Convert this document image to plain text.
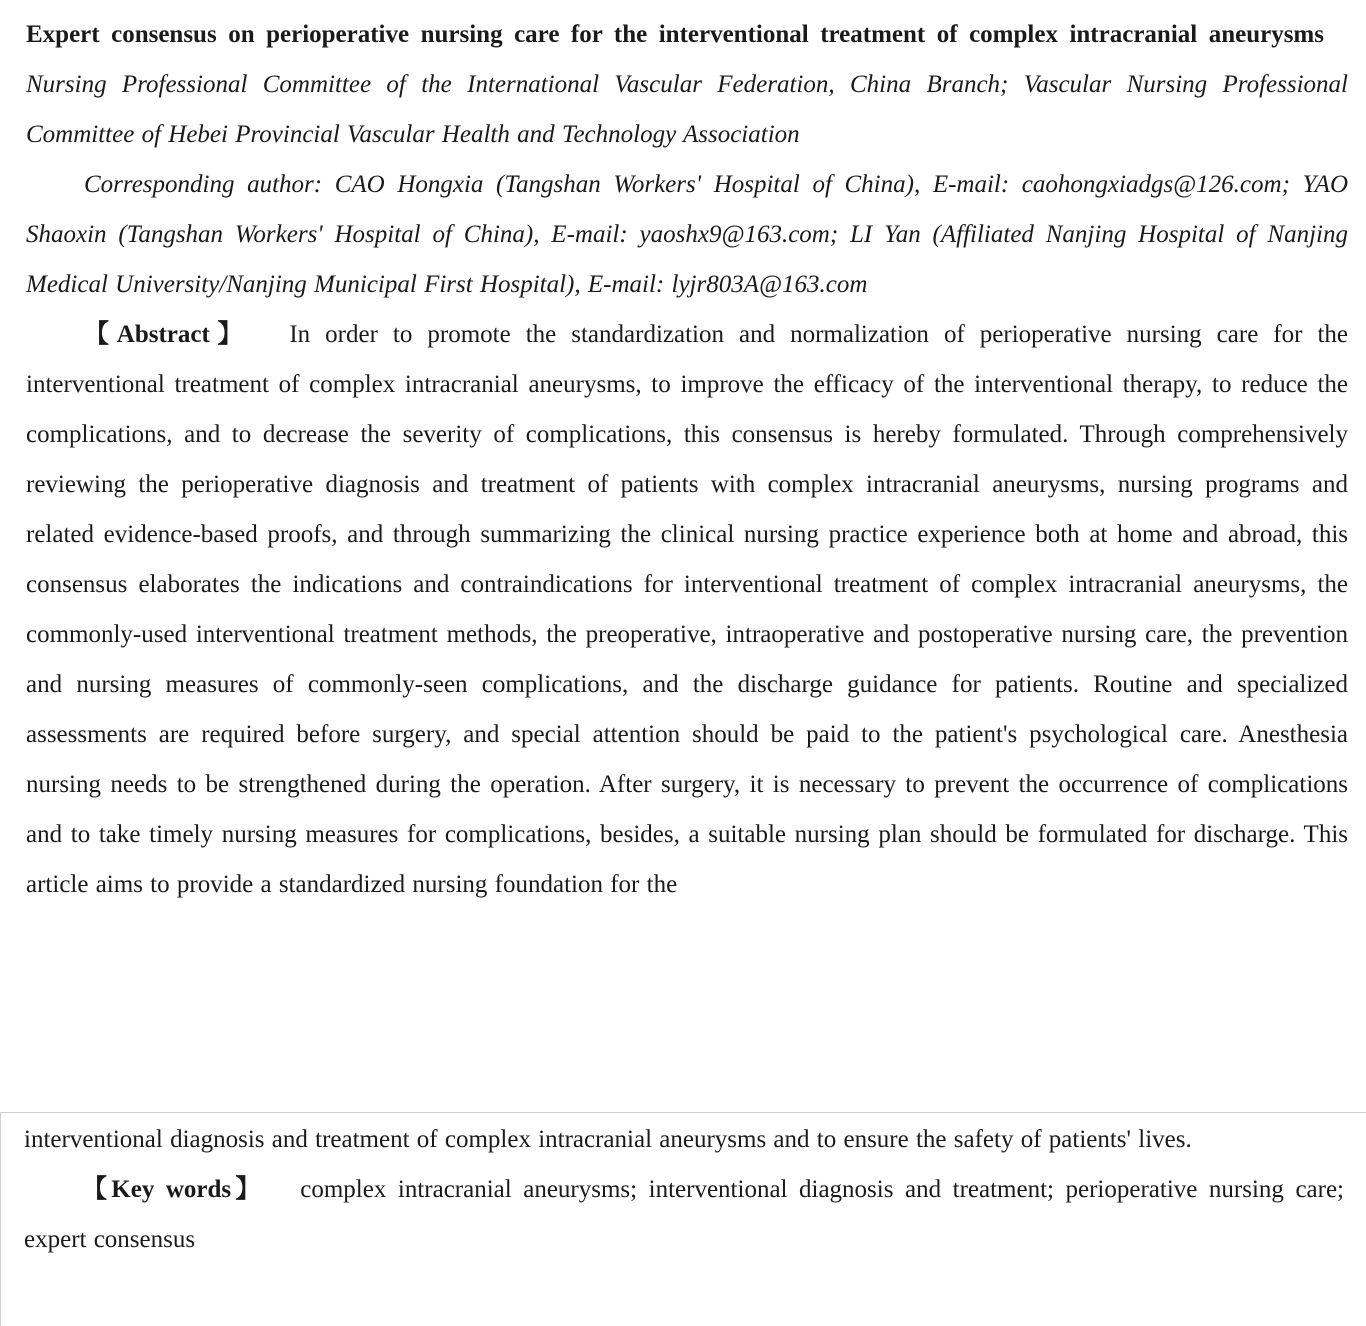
Expert consensus on perioperative nursing care for the interventional treatment of complex intracranial aneurysms Nursing Professional Committee of the International Vascular Federation, China Branch; Vascular Nursing Professional Committee of Hebei Provincial Vascular Health and Technology Association

Corresponding author: CAO Hongxia (Tangshan Workers' Hospital of China), E-mail: caohongxiadgs@126.com; YAO Shaoxin (Tangshan Workers' Hospital of China), E-mail: yaoshx9@163.com; LI Yan (Affiliated Nanjing Hospital of Nanjing Medical University/Nanjing Municipal First Hospital), E-mail: lyjr803A@163.com

【Abstract】 In order to promote the standardization and normalization of perioperative nursing care for the interventional treatment of complex intracranial aneurysms, to improve the efficacy of the interventional therapy, to reduce the complications, and to decrease the severity of complications, this consensus is hereby formulated. Through comprehensively reviewing the perioperative diagnosis and treatment of patients with complex intracranial aneurysms, nursing programs and related evidence-based proofs, and through summarizing the clinical nursing practice experience both at home and abroad, this consensus elaborates the indications and contraindications for interventional treatment of complex intracranial aneurysms, the commonly-used interventional treatment methods, the preoperative, intraoperative and postoperative nursing care, the prevention and nursing measures of commonly-seen complications, and the discharge guidance for patients. Routine and specialized assessments are required before surgery, and special attention should be paid to the patient's psychological care. Anesthesia nursing needs to be strengthened during the operation. After surgery, it is necessary to prevent the occurrence of complications and to take timely nursing measures for complications, besides, a suitable nursing plan should be formulated for discharge. This article aims to provide a standardized nursing foundation for the

interventional diagnosis and treatment of complex intracranial aneurysms and to ensure the safety of patients' lives.

【Key words】 complex intracranial aneurysms; interventional diagnosis and treatment; perioperative nursing care; expert consensus
